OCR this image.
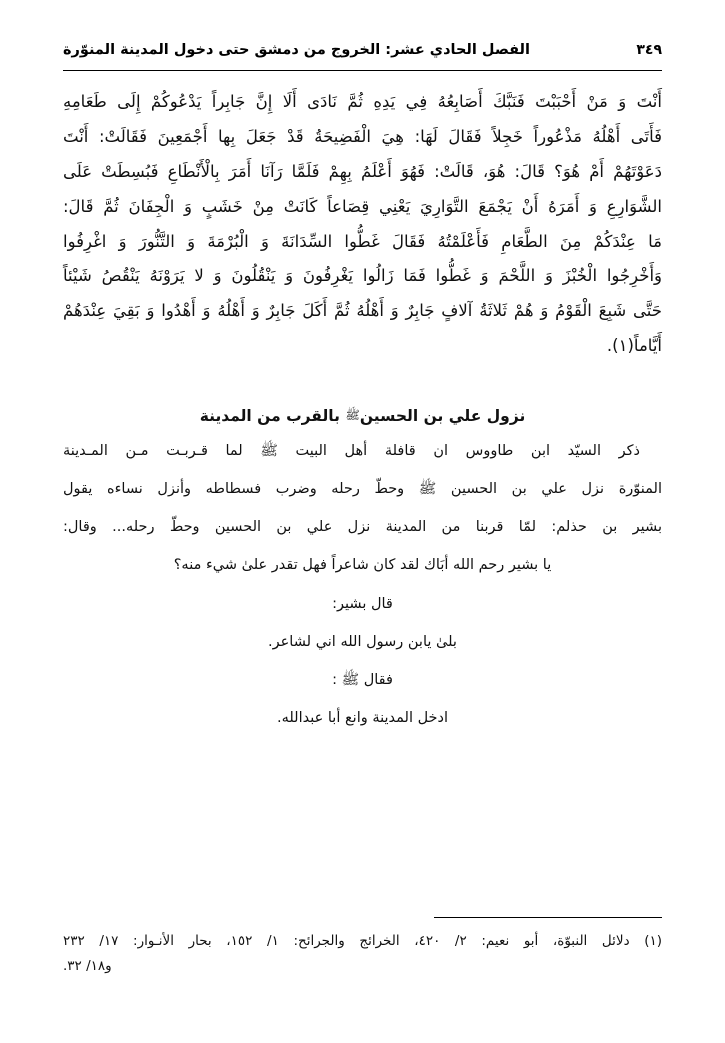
الفصل الحادي عشر: الخروج من دمشق حتى دخول المدينة المنوّرة	٣٤٩

أَنْتَ وَ مَنْ أَحْبَبْتَ فَنَبَّكَ أَصَابِعُهُ فِي يَدِهِ ثُمَّ نَادَى أَلَا إِنَّ جَابِراً يَدْعُوكُمْ إِلَى طَعَامِهِ

فَأَتَى أَهْلُهُ مَذْعُوراً خَجِلاً فَقَالَ لَهَا: هِيَ الْفَضِيحَةُ قَدْ جَعَلَ بِها أَجْمَعِينَ فَقَالَتْ: أَنْتَ

دَعَوْتَهُمْ أَمْ هُوَ؟ قَالَ: هُوَ، قَالَتْ: فَهُوَ أَعْلَمُ بِهِمْ فَلَمَّا رَآنَا أَمَرَ بِالْأَنْطَاعِ فَبُسِطَتْ عَلَى

الشَّوَارِعِ وَ أَمَرَهُ أَنْ يَجْمَعَ التَّوَارِيَ يَعْنِي قِصَاعاً كَانَتْ مِنْ خَشَبٍ وَ الْجِفَانَ ثُمَّ قَالَ:

مَا عِنْدَكُمْ مِنَ الطَّعَامِ فَأَعْلَمْتُهُ فَقَالَ غَطُّوا السِّدَانَةَ وَ الْبُرْمَةَ وَ التَّنُّورَ وَ اغْرِفُوا

وَأَخْرِجُوا الْخُبْزَ وَ اللَّحْمَ وَ غَطُّوا فَمَا زَالُوا يَغْرِفُونَ وَ يَنْقُلُونَ وَ لا يَرَوْنَهُ يَنْقُصُ شَيْئاً

حَتَّى شَبِعَ الْقَوْمُ وَ هُمْ ثَلاثَةُ آلافٍ جَابِرٌ وَ أَهْلُهُ ثُمَّ أَكَلَ جَابِرٌ وَ أَهْلُهُ وَ أَهْدُوا وَ بَقِيَ عِنْدَهُمْ

أَيَّاماً(١).

نزول علي بن الحسينﷺ بالقرب من المدينة

ذكر السيّد ابن طاووس ان قافلة أهل البيت ﷺ لما قـربـت مـن المـدينة

المنوّرة نزل علي بن الحسين ﷺ وحطّ رحله وضرب فسطاطه وأنزل نساءه يقول

بشير بن حذلم: لمّا قربنا من المدينة نزل علي بن الحسين وحطّ رحله... وقال:

يا بشير رحم الله أبَاك لقد كان شاعراً فهل تقدر علىٰ شيء منه؟

قال بشير:

بلىٰ يابن رسول الله اني لشاعر.

فقال ﷺ :

ادخل المدينة وانع أبا عبدالله.

(١) دلائل النبوّة، أبو نعيم: ٢/ ٤٢٠، الخرائج والجرائح: ١/ ١٥٢، بحار الأنـوار: ١٧/ ٢٣٢

و١٨/ ٣٢.
